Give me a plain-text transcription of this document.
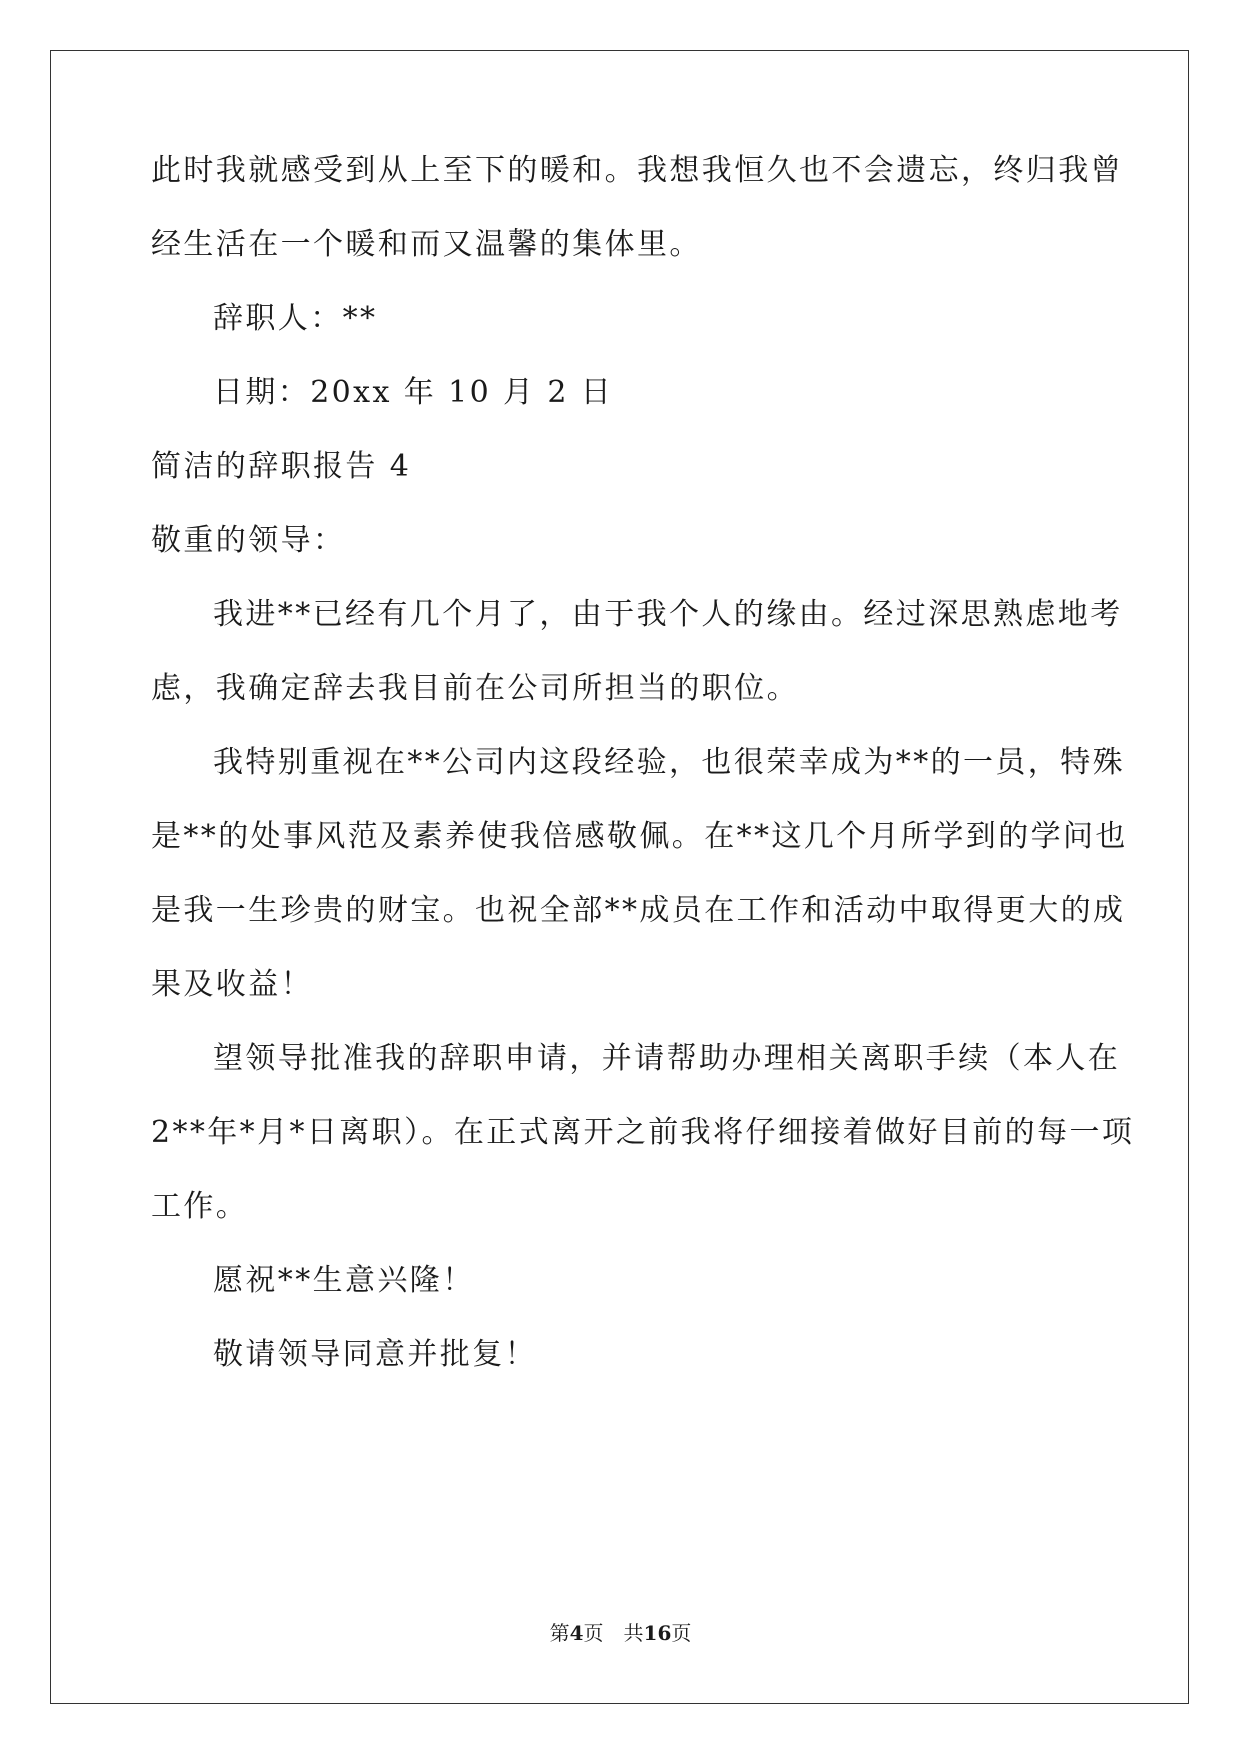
此时我就感受到从上至下的暖和。我想我恒久也不会遗忘，终归我曾
经生活在一个暖和而又温馨的集体里。
辞职人：**
日期：20xx 年 10 月 2 日
简洁的辞职报告 4
敬重的领导：
我进**已经有几个月了，由于我个人的缘由。经过深思熟虑地考
虑，我确定辞去我目前在公司所担当的职位。
我特别重视在**公司内这段经验，也很荣幸成为**的一员，特殊
是**的处事风范及素养使我倍感敬佩。在**这几个月所学到的学问也
是我一生珍贵的财宝。也祝全部**成员在工作和活动中取得更大的成
果及收益！
望领导批准我的辞职申请，并请帮助办理相关离职手续（本人在
2**年*月*日离职）。在正式离开之前我将仔细接着做好目前的每一项
工作。
愿祝**生意兴隆！
敬请领导同意并批复！
第4页 共16页
